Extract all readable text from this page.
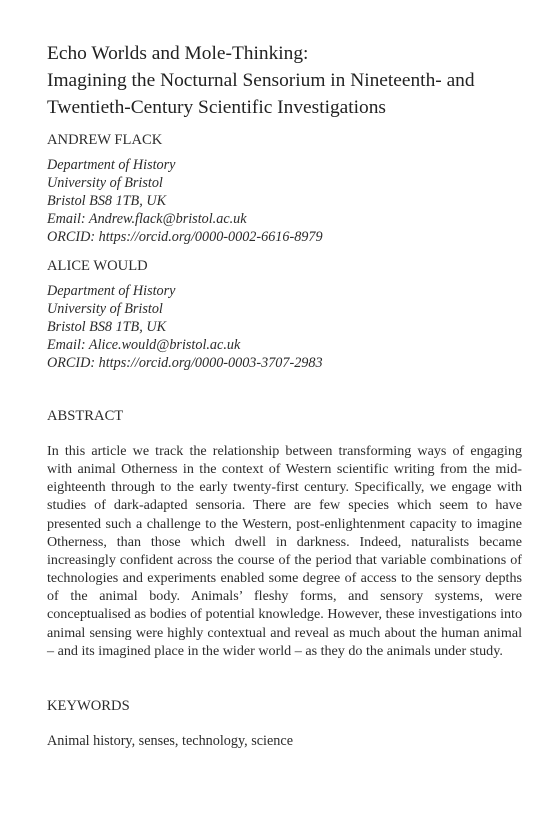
Echo Worlds and Mole-Thinking:
Imagining the Nocturnal Sensorium in Nineteenth- and
Twentieth-Century Scientific Investigations
ANDREW FLACK
Department of History
University of Bristol
Bristol BS8 1TB, UK
Email: Andrew.flack@bristol.ac.uk
ORCID: https://orcid.org/0000-0002-6616-8979
ALICE WOULD
Department of History
University of Bristol
Bristol BS8 1TB, UK
Email: Alice.would@bristol.ac.uk
ORCID: https://orcid.org/0000-0003-3707-2983
ABSTRACT

In this article we track the relationship between transforming ways of engaging with animal Otherness in the context of Western scientific writing from the mid-eighteenth through to the early twenty-first century. Specifically, we engage with studies of dark-adapted sensoria. There are few species which seem to have presented such a challenge to the Western, post-enlightenment capacity to imagine Otherness, than those which dwell in darkness. Indeed, naturalists became increasingly confident across the course of the period that variable combinations of technologies and experiments enabled some degree of access to the sensory depths of the animal body. Animals’ fleshy forms, and sensory systems, were conceptualised as bodies of potential knowledge. However, these investigations into animal sensing were highly contextual and reveal as much about the human animal – and its imagined place in the wider world – as they do the animals under study.

KEYWORDS

Animal history, senses, technology, science
